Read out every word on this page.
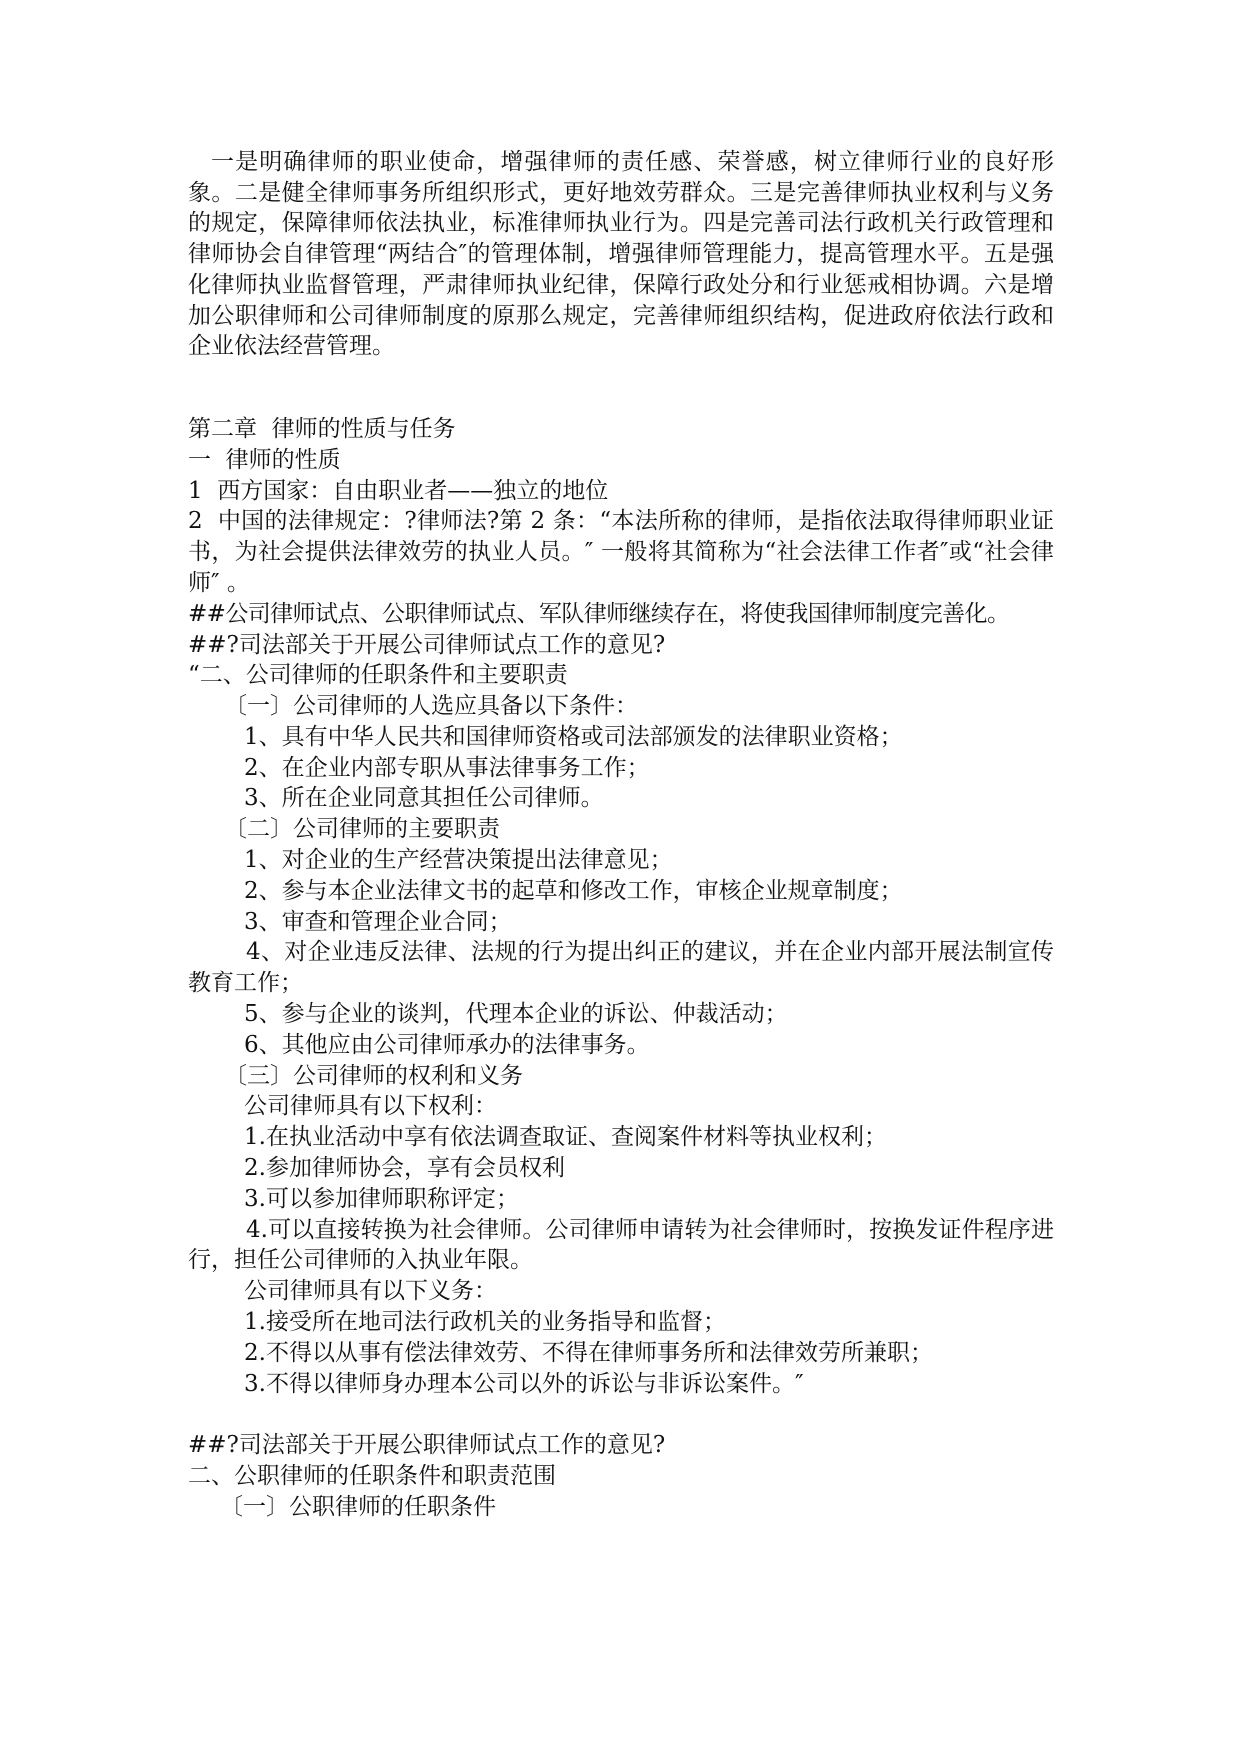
一是明确律师的职业使命，增强律师的责任感、荣誉感，树立律师行业的良好形象。二是健全律师事务所组织形式，更好地效劳群众。三是完善律师执业权利与义务的规定，保障律师依法执业，标准律师执业行为。四是完善司法行政机关行政管理和律师协会自律管理“两结合″的管理体制，增强律师管理能力，提高管理水平。五是强化律师执业监督管理，严肃律师执业纪律，保障行政处分和行业惩戒相协调。六是增加公职律师和公司律师制度的原那么规定，完善律师组织结构，促进政府依法行政和企业依法经营管理。

第二章  律师的性质与任务

一  律师的性质

1  西方国家：自由职业者——独立的地位

2  中国的法律规定：?律师法?第 2 条：“本法所称的律师，是指依法取得律师职业证书，为社会提供法律效劳的执业人员。″ 一般将其简称为“社会法律工作者″或“社会律师″ 。

##公司律师试点、公职律师试点、军队律师继续存在，将使我国律师制度完善化。

##?司法部关于开展公司律师试点工作的意见?

“二、公司律师的任职条件和主要职责

〔一〕公司律师的人选应具备以下条件：

1、具有中华人民共和国律师资格或司法部颁发的法律职业资格；

2、在企业内部专职从事法律事务工作；

3、所在企业同意其担任公司律师。

〔二〕公司律师的主要职责

1、对企业的生产经营决策提出法律意见；

2、参与本企业法律文书的起草和修改工作，审核企业规章制度；

3、审查和管理企业合同；

4、对企业违反法律、法规的行为提出纠正的建议，并在企业内部开展法制宣传教育工作；

5、参与企业的谈判，代理本企业的诉讼、仲裁活动；

6、其他应由公司律师承办的法律事务。

〔三〕公司律师的权利和义务

公司律师具有以下权利：

1.在执业活动中享有依法调查取证、查阅案件材料等执业权利；

2.参加律师协会，享有会员权利

3.可以参加律师职称评定；

4.可以直接转换为社会律师。公司律师申请转为社会律师时，按换发证件程序进行，担任公司律师的入执业年限。

公司律师具有以下义务：

1.接受所在地司法行政机关的业务指导和监督；

2.不得以从事有偿法律效劳、不得在律师事务所和法律效劳所兼职；

3.不得以律师身办理本公司以外的诉讼与非诉讼案件。″

##?司法部关于开展公职律师试点工作的意见?

二、公职律师的任职条件和职责范围

〔一〕公职律师的任职条件
